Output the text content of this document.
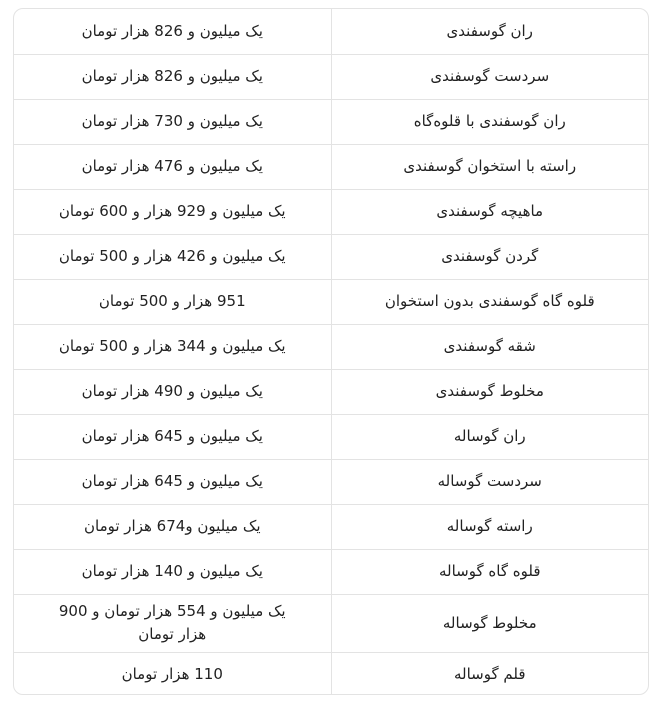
ران گوسفندی	یک میلیون و 826 هزار تومان
سردست گوسفندی	یک میلیون و 826 هزار تومان
ران گوسفندی با قلوه‌گاه	یک میلیون و 730 هزار تومان
راسته با استخوان گوسفندی	یک میلیون و 476 هزار تومان
ماهیچه گوسفندی	یک میلیون و 929 هزار و 600 تومان
گردن گوسفندی	یک میلیون و 426 هزار و 500 تومان
قلوه گاه گوسفندی بدون استخوان	951 هزار و 500 تومان
شقه گوسفندی	یک میلیون و 344 هزار و 500 تومان
مخلوط گوسفندی	یک میلیون و 490 هزار تومان
ران گوساله	یک میلیون و 645 هزار تومان
سردست گوساله	یک میلیون و 645 هزار تومان
راسته گوساله	یک میلیون و674 هزار تومان
قلوه گاه گوساله	یک میلیون و 140 هزار تومان
مخلوط گوساله	یک میلیون و 554 هزار تومان و 900 هزار تومان
قلم گوساله	110 هزار تومان
